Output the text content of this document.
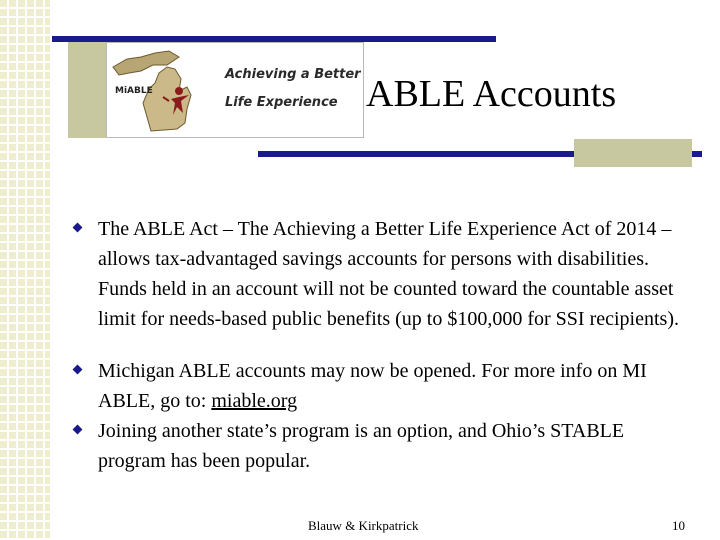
MiABLE
Achieving a Better
Life Experience ABLE Accounts
The ABLE Act – The Achieving a Better Life Experience Act of 2014 – allows tax-advantaged savings accounts for persons with disabilities. Funds held in an account will not be counted toward the countable asset limit for needs-based public benefits (up to $100,000 for SSI recipients).
Michigan ABLE accounts may now be opened. For more info on MI ABLE, go to: miable.org
Joining another state’s program is an option, and Ohio’s STABLE program has been popular.
Blauw & Kirkpatrick	10
